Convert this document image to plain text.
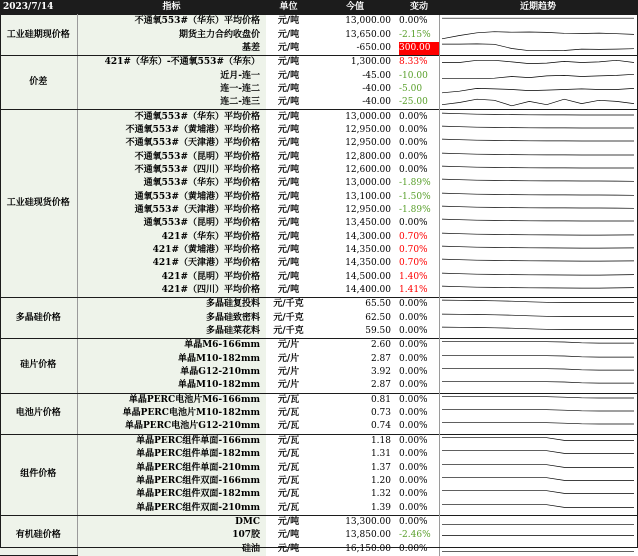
2023/7/14	指标	单位	今值	变动	近期趋势
工业硅期现价格	不通氧553#（华东）平均价格	元/吨	13,000.00	0.00%	

	期货主力合约收盘价	元/吨	13,650.00	-2.15%	

	基差	元/吨	-650.00	300.00	

价差	421#（华东）-不通氧553#（华东）	元/吨	1,300.00	8.33%	

	近月-连一	元/吨	-45.00	-10.00	

	连一-连二	元/吨	-40.00	-5.00	

	连二-连三	元/吨	-40.00	-25.00	

工业硅现货价格	不通氧553#（华东）平均价格	元/吨	13,000.00	0.00%	

	不通氧553#（黄埔港）平均价格	元/吨	12,950.00	0.00%	

	不通氧553#（天津港）平均价格	元/吨	12,950.00	0.00%	

	不通氧553#（昆明）平均价格	元/吨	12,800.00	0.00%	

	不通氧553#（四川）平均价格	元/吨	12,600.00	0.00%	

	通氧553#（华东）平均价格	元/吨	13,000.00	-1.89%	

	通氧553#（黄埔港）平均价格	元/吨	13,100.00	-1.50%	

	通氧553#（天津港）平均价格	元/吨	12,950.00	-1.89%	

	通氧553#（昆明）平均价格	元/吨	13,450.00	0.00%	

	421#（华东）平均价格	元/吨	14,300.00	0.70%	

	421#（黄埔港）平均价格	元/吨	14,350.00	0.70%	

	421#（天津港）平均价格	元/吨	14,350.00	0.70%	

	421#（昆明）平均价格	元/吨	14,500.00	1.40%	

	421#（四川）平均价格	元/吨	14,400.00	1.41%	

多晶硅价格	多晶硅复投料	元/千克	65.50	0.00%	

	多晶硅致密料	元/千克	62.50	0.00%	

	多晶硅菜花料	元/千克	59.50	0.00%	

硅片价格	单晶M6-166mm	元/片	2.60	0.00%	

	单晶M10-182mm	元/片	2.87	0.00%	

	单晶G12-210mm	元/片	3.92	0.00%	

	单晶M10-182mm	元/片	2.87	0.00%	

电池片价格	单晶PERC电池片M6-166mm	元/瓦	0.81	0.00%	

	单晶PERC电池片M10-182mm	元/瓦	0.73	0.00%	

	单晶PERC电池片G12-210mm	元/瓦	0.74	0.00%	

组件价格	单晶PERC组件单面-166mm	元/瓦	1.18	0.00%	

	单晶PERC组件单面-182mm	元/瓦	1.31	0.00%	

	单晶PERC组件单面-210mm	元/瓦	1.37	0.00%	

	单晶PERC组件双面-166mm	元/瓦	1.20	0.00%	

	单晶PERC组件双面-182mm	元/瓦	1.32	0.00%	

	单晶PERC组件双面-210mm	元/瓦	1.39	0.00%	

有机硅价格	DMC	元/吨	13,300.00	0.00%	

	107胶	元/吨	13,850.00	-2.46%	

	硅油	元/吨	16,150.00	0.00%	
